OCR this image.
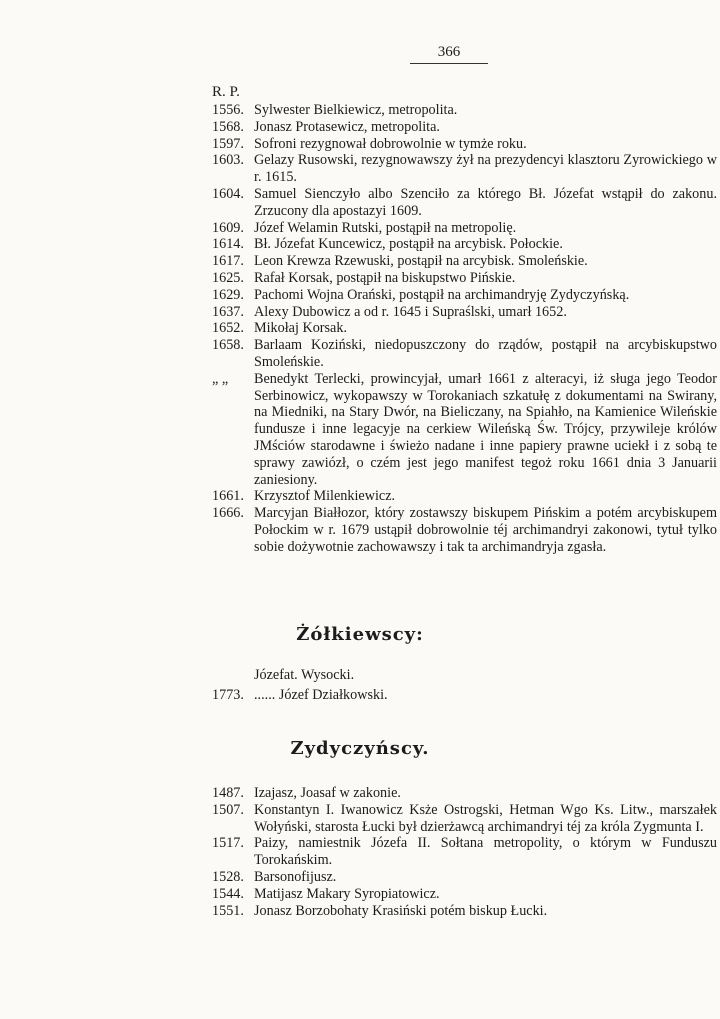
366
R. P.
1556. Sylwester Bielkiewicz, metropolita.
1568. Jonasz Protasewicz, metropolita.
1597. Sofroni rezygnował dobrowolnie w tymże roku.
1603. Gelazy Rusowski, rezygnowawszy żył na prezydencyi klasztoru Zyrowickiego w r. 1615.
1604. Samuel Sienczyło albo Szenciło za którego Bł. Józefat wstąpił do zakonu. Zrzucony dla apostazyi 1609.
1609. Józef Welamin Rutski, postąpił na metropolię.
1614. Bł. Józefat Kuncewicz, postąpił na arcybisk. Połockie.
1617. Leon Krewza Rzewuski, postąpił na arcybisk. Smoleńskie.
1625. Rafał Korsak, postąpił na biskupstwo Pińskie.
1629. Pachomi Wojna Orański, postąpił na archimandryję Zydyczyńską.
1637. Alexy Dubowicz a od r. 1645 i Supraślski, umarł 1652.
1652. Mikołaj Korsak.
1658. Barlaam Koziński, niedopuszczony do rządów, postąpił na arcybiskupstwo Smoleńskie.
„ „	Benedykt Terlecki, prowincyjał, umarł 1661 z alteracyi, iż sługa jego Teodor Serbinowicz, wykopawszy w Torokaniach szkatułę z dokumentami na Swirany, na Miedniki, na Stary Dwór, na Bieliczany, na Spiahło, na Kamienice Wileńskie fundusze i inne legacyje na cerkiew Wileńską Św. Trójcy, przywileje królów JMściów starodawne i świeżo nadane i inne papiery prawne uciekł i z sobą te sprawy zawiózł, o czém jest jego manifest tegoż roku 1661 dnia 3 Januarii zaniesiony.
1661. Krzysztof Milenkiewicz.
1666. Marcyjan Białłozor, który zostawszy biskupem Pińskim a potém arcybiskupem Połockim w r. 1679 ustąpił dobrowolnie téj archimandryi zakonowi, tytuł tylko sobie dożywotnie zachowawszy i tak ta archimandryja zgasła.
Żółkiewscy:
Józefat. Wysocki.
1773. ...... Józef Działkowski.
Zydyczyńscy.
1487. Izajasz, Joasaf w zakonie.
1507. Konstantyn I. Iwanowicz Ksże Ostrogski, Hetman Wgo Ks. Litw., marszałek Wołyński, starosta Łucki był dzierżawcą archimandryi téj za króla Zygmunta I.
1517. Paizy, namiestnik Józefa II. Sołtana metropolity, o którym w Funduszu Torokańskim.
1528. Barsonofijusz.
1544. Matijasz Makary Syropiatowicz.
1551. Jonasz Borzobohaty Krasiński potém biskup Łucki.
